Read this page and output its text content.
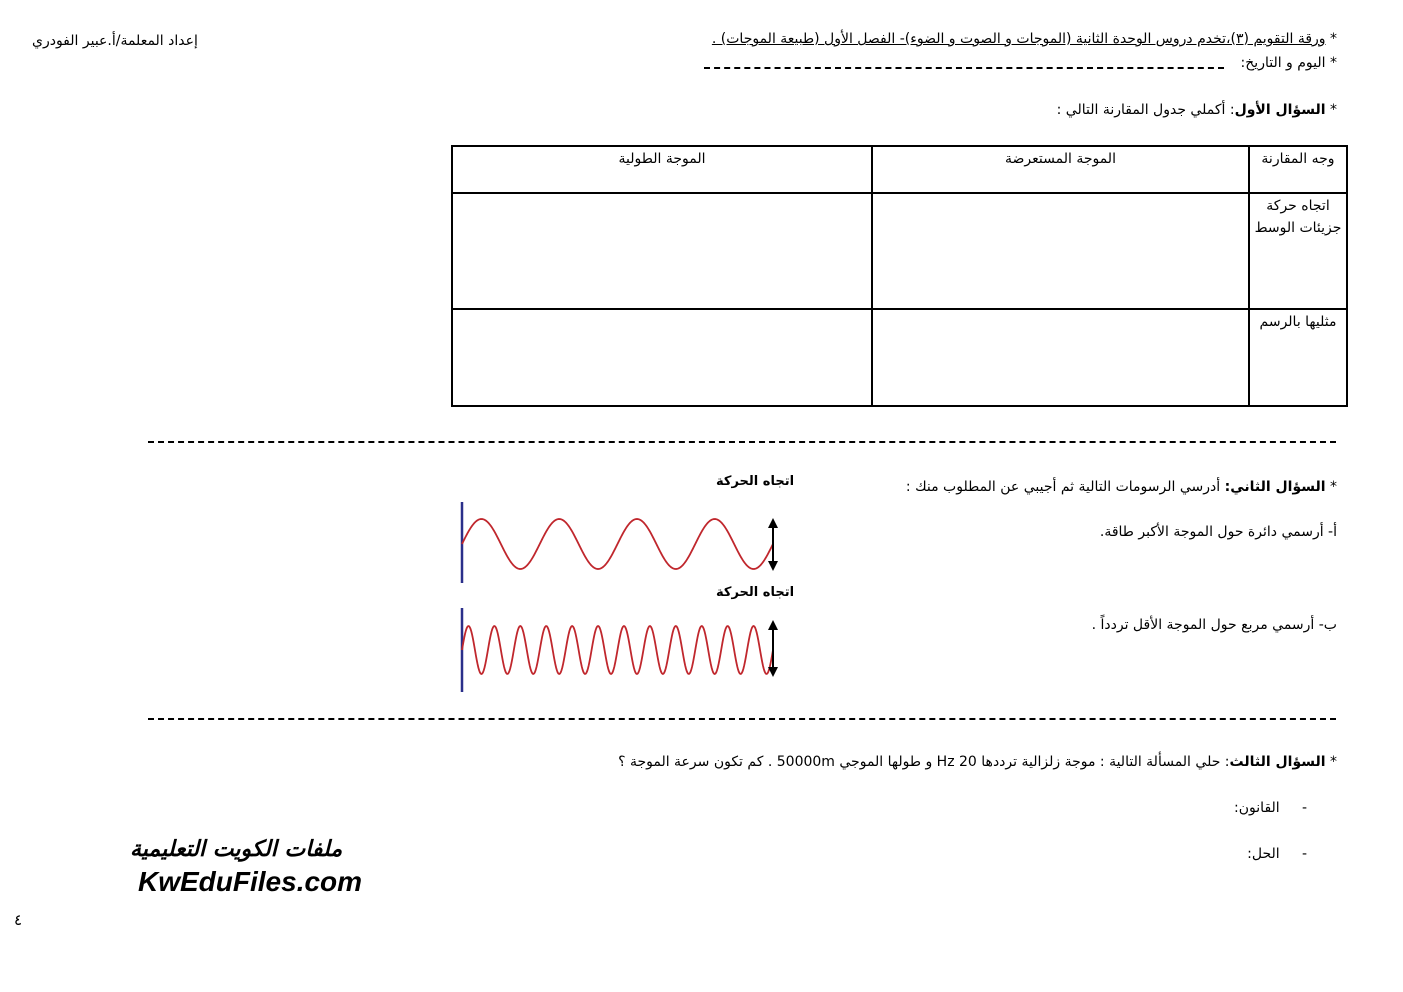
إعداد المعلمة/أ.عبير الفودري	* ورقة التقويم (٣)،تخدم دروس الوحدة الثانية (الموجات و الصوت و الضوء)- الفصل الأول (طبيعة الموجات) .
* اليوم و التاريخ:
* السؤال الأول: أكملي جدول المقارنة التالي :
وجه المقارنة	الموجة المستعرضة	الموجة الطولية
اتجاه حركة جزيئات الوسط		
مثليها بالرسم		
* السؤال الثاني: أدرسي الرسومات التالية ثم أجيبي عن المطلوب منك :
أ- أرسمي دائرة حول الموجة الأكبر طاقة.
ب- أرسمي مربع حول الموجة الأقل تردداً .
اتجاه الحركة
اتجاه الحركة
* السؤال الثالث: حلي المسألة التالية : موجة زلزالية ترددها 20 Hz و طولها الموجي 50000m . كم تكون سرعة الموجة ؟
-     القانون:
-     الحل:
ملفات الكويت التعليمية
KwEduFiles.com
٤
